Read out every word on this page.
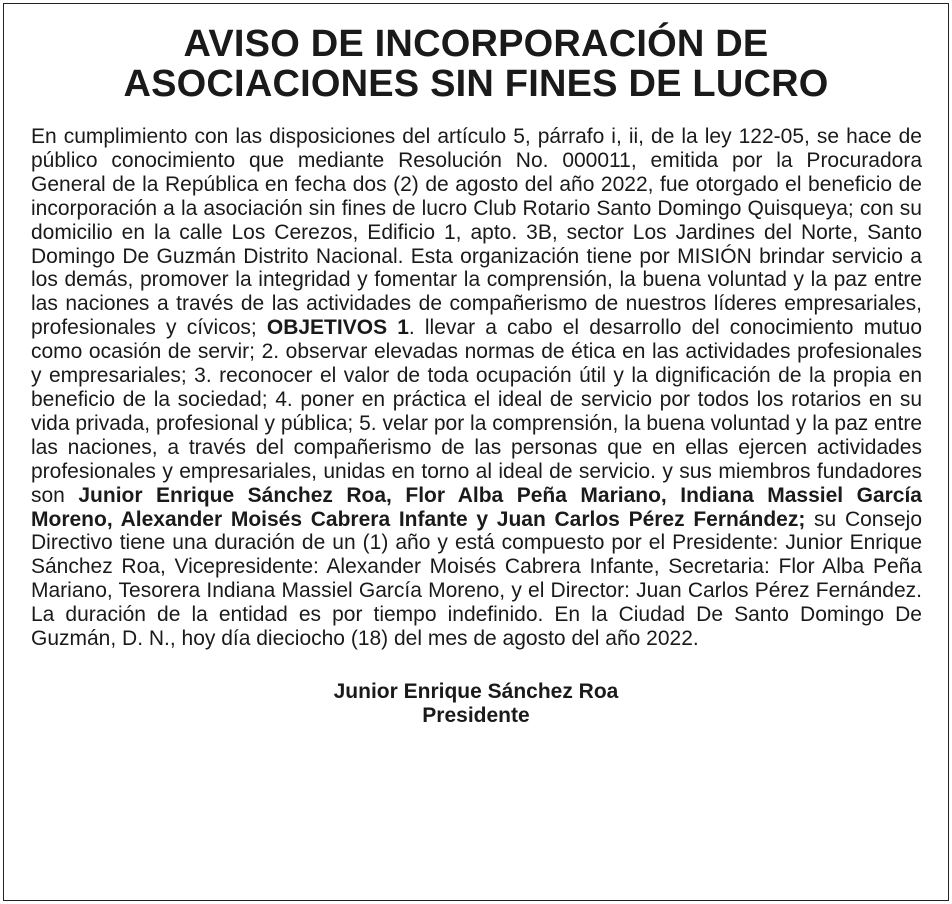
AVISO DE INCORPORACIÓN DE
ASOCIACIONES SIN FINES DE LUCRO

En cumplimiento con las disposiciones del artículo 5, párrafo i, ii, de la ley 122-05, se hace de público conocimiento que mediante Resolución No. 000011, emitida por la Procuradora General de la República en fecha dos (2) de agosto del año 2022, fue otorgado el beneficio de incorporación a la asociación sin fines de lucro Club Rotario Santo Domingo Quisqueya; con su domicilio en la calle Los Cerezos, Edificio 1, apto. 3B, sector Los Jardines del Norte, Santo Domingo De Guzmán Distrito Nacional. Esta organización tiene por MISIÓN brindar servicio a los demás, promover la integridad y fomentar la comprensión, la buena voluntad y la paz entre las naciones a través de las actividades de compañerismo de nuestros líderes empresariales, profesionales y cívicos; OBJETIVOS 1. llevar a cabo el desarrollo del conocimiento mutuo como ocasión de servir; 2. observar elevadas normas de ética en las actividades profesionales y empresariales; 3. reconocer el valor de toda ocupación útil y la dignificación de la propia en beneficio de la sociedad; 4. poner en práctica el ideal de servicio por todos los rotarios en su vida privada, profesional y pública; 5. velar por la comprensión, la buena voluntad y la paz entre las naciones, a través del compañerismo de las personas que en ellas ejercen actividades profesionales y empresariales, unidas en torno al ideal de servicio. y sus miembros fundadores son Junior Enrique Sánchez Roa, Flor Alba Peña Mariano, Indiana Massiel García Moreno, Alexander Moisés Cabrera Infante y Juan Carlos Pérez Fernández; su Consejo Directivo tiene una duración de un (1) año y está compuesto por el Presidente: Junior Enrique Sánchez Roa, Vicepresidente: Alexander Moisés Cabrera Infante, Secretaria: Flor Alba Peña Mariano, Tesorera Indiana Massiel García Moreno, y el Director: Juan Carlos Pérez Fernández. La duración de la entidad es por tiempo indefinido. En la Ciudad De Santo Domingo De Guzmán, D. N., hoy día dieciocho (18) del mes de agosto del año 2022.

Junior Enrique Sánchez Roa
Presidente
